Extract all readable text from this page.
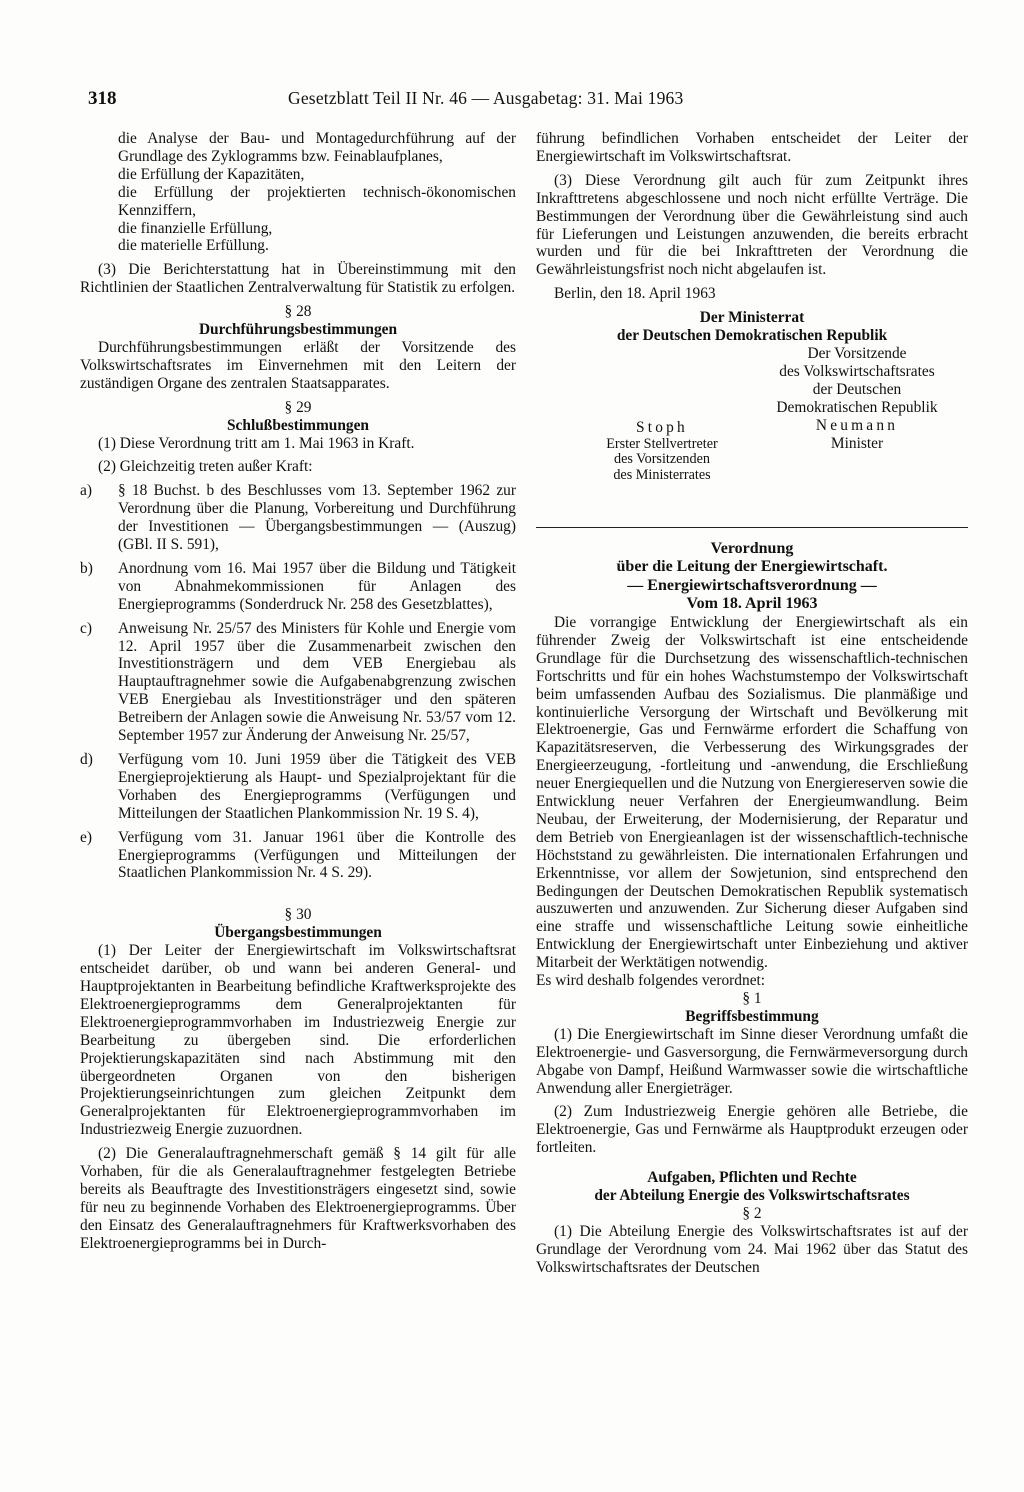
318	Gesetzblatt Teil II Nr. 46 — Ausgabetag: 31. Mai 1963

die Analyse der Bau- und Montagedurchführung auf der Grundlage des Zyklogramms bzw. Feinablaufplanes,

die Erfüllung der Kapazitäten,

die Erfüllung der projektierten technisch-ökonomischen Kennziffern,

die finanzielle Erfüllung,

die materielle Erfüllung.

(3) Die Berichterstattung hat in Übereinstimmung mit den Richtlinien der Staatlichen Zentralverwaltung für Statistik zu erfolgen.

§ 28

Durchführungsbestimmungen

Durchführungsbestimmungen erläßt der Vorsitzende des Volkswirtschaftsrates im Einvernehmen mit den Leitern der zuständigen Organe des zentralen Staatsapparates.

§ 29

Schlußbestimmungen

(1) Diese Verordnung tritt am 1. Mai 1963 in Kraft.

(2) Gleichzeitig treten außer Kraft:

a)	§ 18 Buchst. b des Beschlusses vom 13. September 1962 zur Verordnung über die Planung, Vorbereitung und Durchführung der Investitionen — Übergangsbestimmungen — (Auszug) (GBl. II S. 591),

b)	Anordnung vom 16. Mai 1957 über die Bildung und Tätigkeit von Abnahmekommissionen für Anlagen des Energieprogramms (Sonderdruck Nr. 258 des Gesetzblattes),

c)	Anweisung Nr. 25/57 des Ministers für Kohle und Energie vom 12. April 1957 über die Zusammenarbeit zwischen den Investitionsträgern und dem VEB Energiebau als Hauptauftragnehmer sowie die Aufgabenabgrenzung zwischen VEB Energiebau als Investitionsträger und den späteren Betreibern der Anlagen sowie die Anweisung Nr. 53/57 vom 12. September 1957 zur Änderung der Anweisung Nr. 25/57,

d)	Verfügung vom 10. Juni 1959 über die Tätigkeit des VEB Energieprojektierung als Haupt- und Spezialprojektant für die Vorhaben des Energieprogramms (Verfügungen und Mitteilungen der Staatlichen Plankommission Nr. 19 S. 4),

e)	Verfügung vom 31. Januar 1961 über die Kontrolle des Energieprogramms (Verfügungen und Mitteilungen der Staatlichen Plankommission Nr. 4 S. 29).

§ 30

Übergangsbestimmungen

(1) Der Leiter der Energiewirtschaft im Volkswirtschaftsrat entscheidet darüber, ob und wann bei anderen General- und Hauptprojektanten in Bearbeitung befindliche Kraftwerksprojekte des Elektroenergieprogramms dem Generalprojektanten für Elektroenergieprogrammvorhaben im Industriezweig Energie zur Bearbeitung zu übergeben sind. Die erforderlichen Projektierungskapazitäten sind nach Abstimmung mit den übergeordneten Organen von den bisherigen Projektierungseinrichtungen zum gleichen Zeitpunkt dem Generalprojektanten für Elektroenergieprogrammvorhaben im Industriezweig Energie zuzuordnen.

(2) Die Generalauftragnehmerschaft gemäß § 14 gilt für alle Vorhaben, für die als Generalauftragnehmer festgelegten Betriebe bereits als Beauftragte des Investitionsträgers eingesetzt sind, sowie für neu zu beginnende Vorhaben des Elektroenergieprogramms. Über den Einsatz des Generalauftragnehmers für Kraftwerksvorhaben des Elektroenergieprogramms bei in Durch-

führung befindlichen Vorhaben entscheidet der Leiter der Energiewirtschaft im Volkswirtschaftsrat.

(3) Diese Verordnung gilt auch für zum Zeitpunkt ihres Inkrafttretens abgeschlossene und noch nicht erfüllte Verträge. Die Bestimmungen der Verordnung über die Gewährleistung sind auch für Lieferungen und Leistungen anzuwenden, die bereits erbracht wurden und für die bei Inkrafttreten der Verordnung die Gewährleistungsfrist noch nicht abgelaufen ist.

Berlin, den 18. April 1963

Der Ministerrat

der Deutschen Demokratischen Republik

Der Vorsitzende

des Volkswirtschaftsrates

der Deutschen

Demokratischen Republik

Neumann

Minister

Stoph

Erster Stellvertreter

des Vorsitzenden

des Ministerrates

Verordnung

über die Leitung der Energiewirtschaft.

— Energiewirtschaftsverordnung —

Vom 18. April 1963

Die vorrangige Entwicklung der Energiewirtschaft als ein führender Zweig der Volkswirtschaft ist eine entscheidende Grundlage für die Durchsetzung des wissenschaftlich-technischen Fortschritts und für ein hohes Wachstumstempo der Volkswirtschaft beim umfassenden Aufbau des Sozialismus. Die planmäßige und kontinuierliche Versorgung der Wirtschaft und Bevölkerung mit Elektroenergie, Gas und Fernwärme erfordert die Schaffung von Kapazitätsreserven, die Verbesserung des Wirkungsgrades der Energieerzeugung, -fortleitung und -anwendung, die Erschließung neuer Energiequellen und die Nutzung von Energiereserven sowie die Entwicklung neuer Verfahren der Energieumwandlung. Beim Neubau, der Erweiterung, der Modernisierung, der Reparatur und dem Betrieb von Energieanlagen ist der wissenschaftlich-technische Höchststand zu gewährleisten. Die internationalen Erfahrungen und Erkenntnisse, vor allem der Sowjetunion, sind entsprechend den Bedingungen der Deutschen Demokratischen Republik systematisch auszuwerten und anzuwenden. Zur Sicherung dieser Aufgaben sind eine straffe und wissenschaftliche Leitung sowie einheitliche Entwicklung der Energiewirtschaft unter Einbeziehung und aktiver Mitarbeit der Werktätigen notwendig.

Es wird deshalb folgendes verordnet:

§ 1

Begriffsbestimmung

(1) Die Energiewirtschaft im Sinne dieser Verordnung umfaßt die Elektroenergie- und Gasversorgung, die Fernwärmeversorgung durch Abgabe von Dampf, Heißund Warmwasser sowie die wirtschaftliche Anwendung aller Energieträger.

(2) Zum Industriezweig Energie gehören alle Betriebe, die Elektroenergie, Gas und Fernwärme als Hauptprodukt erzeugen oder fortleiten.

Aufgaben, Pflichten und Rechte

der Abteilung Energie des Volkswirtschaftsrates

§ 2

(1) Die Abteilung Energie des Volkswirtschaftsrates ist auf der Grundlage der Verordnung vom 24. Mai 1962 über das Statut des Volkswirtschaftsrates der Deutschen
